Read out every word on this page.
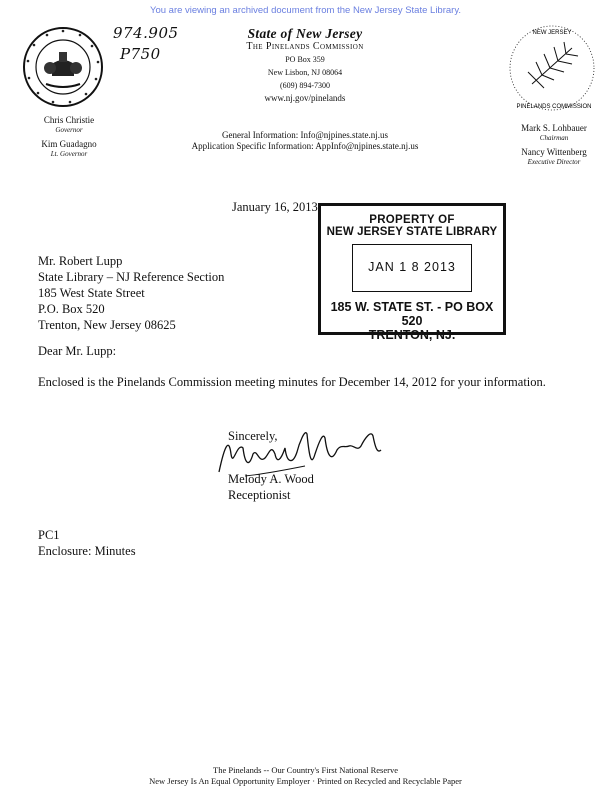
You are viewing an archived document from the New Jersey State Library.
974.905
P750
State of New Jersey
The Pinelands Commission
PO Box 359
New Lisbon, NJ 08064
(609) 894-7300
www.nj.gov/pinelands
NEW JERSEY
PINELANDS COMMISSION
Chris Christie
Governor
Kim Guadagno
Lt. Governor
Mark S. Lohbauer
Chairman
Nancy Wittenberg
Executive Director
General Information: Info@njpines.state.nj.us
Application Specific Information: AppInfo@njpines.state.nj.us
January 16, 2013
PROPERTY OF
NEW JERSEY STATE LIBRARY
JAN 1 8 2013
185 W. STATE ST. - PO BOX 520
TRENTON, NJ.
Mr. Robert Lupp
State Library – NJ Reference Section
185 West State Street
P.O. Box 520
Trenton, New Jersey 08625
Dear Mr. Lupp:
Enclosed is the Pinelands Commission meeting minutes for December 14, 2012 for your information.
Sincerely,
Melody A. Wood
Receptionist
PC1
Enclosure: Minutes
The Pinelands -- Our Country's First National Reserve
New Jersey Is An Equal Opportunity Employer · Printed on Recycled and Recyclable Paper
